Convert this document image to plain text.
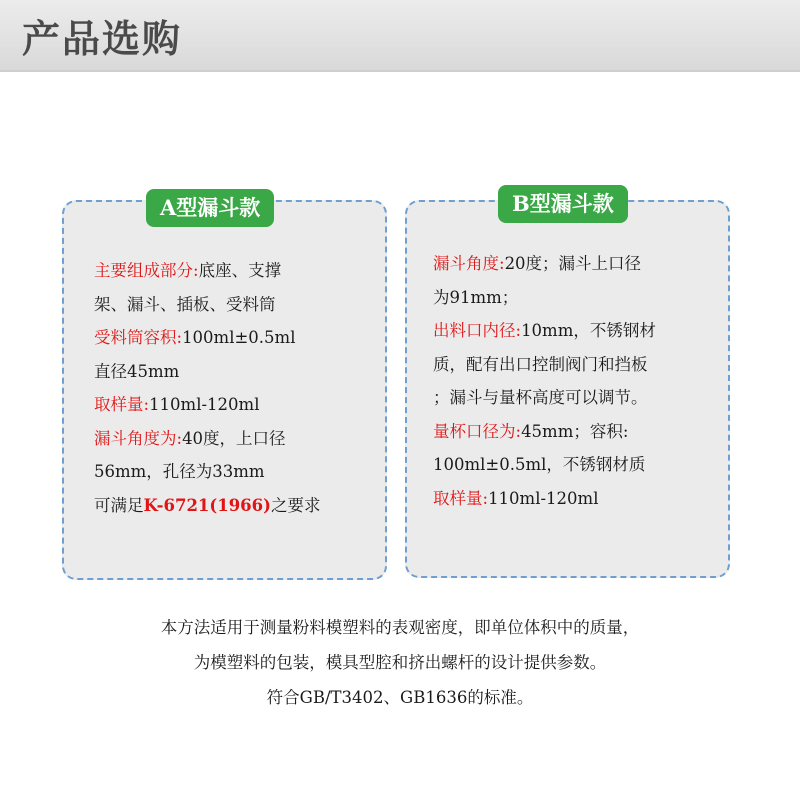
产品选购
A型漏斗款
主要组成部分:底座、支撑
架、漏斗、插板、受料筒
受料筒容积:100ml±0.5ml
直径45mm
取样量:110ml-120ml
漏斗角度为:40度，上口径
56mm，孔径为33mm
可满足K-6721(1966)之要求
B型漏斗款
漏斗角度:20度；漏斗上口径
为91mm；
出料口内径:10mm，不锈钢材
质，配有出口控制阀门和挡板
；漏斗与量杯高度可以调节。
量杯口径为:45mm；容积:
100ml±0.5ml，不锈钢材质
取样量:110ml-120ml
本方法适用于测量粉料模塑料的表观密度，即单位体积中的质量，
为模塑料的包装，模具型腔和挤出螺杆的设计提供参数。
符合GB/T3402、GB1636的标准。
